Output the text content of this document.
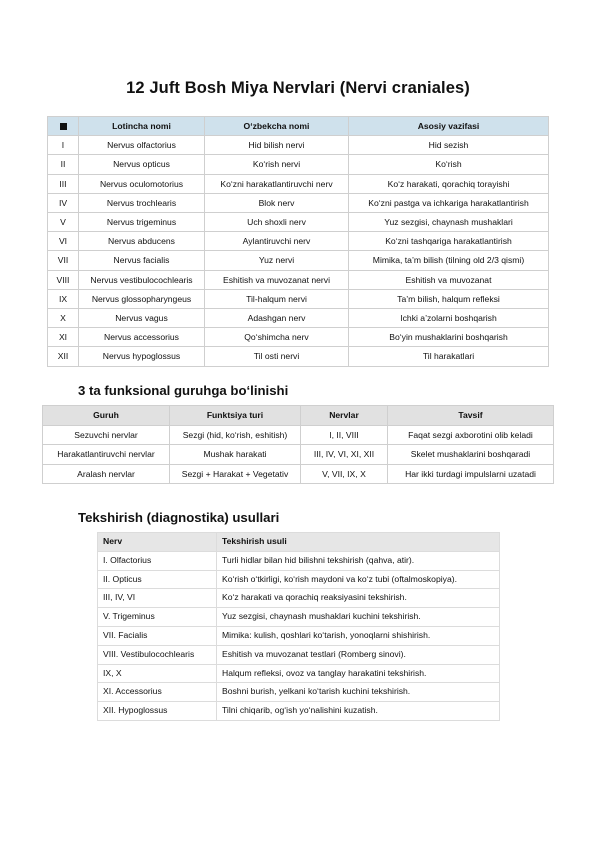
12 Juft Bosh Miya Nervlari (Nervi craniales)
	Lotincha nomi	O‘zbekcha nomi	Asosiy vazifasi
I	Nervus olfactorius	Hid bilish nervi	Hid sezish
II	Nervus opticus	Ko‘rish nervi	Ko‘rish
III	Nervus oculomotorius	Ko‘zni harakatlantiruvchi nerv	Ko‘z harakati, qorachiq torayishi
IV	Nervus trochlearis	Blok nerv	Ko‘zni pastga va ichkariga harakatlantirish
V	Nervus trigeminus	Uch shoxli nerv	Yuz sezgisi, chaynash mushaklari
VI	Nervus abducens	Aylantiruvchi nerv	Ko‘zni tashqariga harakatlantirish
VII	Nervus facialis	Yuz nervi	Mimika, ta’m bilish (tilning old 2/3 qismi)
VIII	Nervus vestibulocochlearis	Eshitish va muvozanat nervi	Eshitish va muvozanat
IX	Nervus glossopharyngeus	Til-halqum nervi	Ta’m bilish, halqum refleksi
X	Nervus vagus	Adashgan nerv	Ichki a’zolarni boshqarish
XI	Nervus accessorius	Qo‘shimcha nerv	Bo‘yin mushaklarini boshqarish
XII	Nervus hypoglossus	Til osti nervi	Til harakatlari
3 ta funksional guruhga bo‘linishi
Guruh	Funktsiya turi	Nervlar	Tavsif
Sezuvchi nervlar	Sezgi (hid, ko‘rish, eshitish)	I, II, VIII	Faqat sezgi axborotini olib keladi
Harakatlantiruvchi nervlar	Mushak harakati	III, IV, VI, XI, XII	Skelet mushaklarini boshqaradi
Aralash nervlar	Sezgi + Harakat + Vegetativ	V, VII, IX, X	Har ikki turdagi impulslarni uzatadi
Tekshirish (diagnostika) usullari
Nerv	Tekshirish usuli
I. Olfactorius	Turli hidlar bilan hid bilishni tekshirish (qahva, atir).
II. Opticus	Ko‘rish o‘tkirligi, ko‘rish maydoni va ko‘z tubi (oftalmoskopiya).
III, IV, VI	Ko‘z harakati va qorachiq reaksiyasini tekshirish.
V. Trigeminus	Yuz sezgisi, chaynash mushaklari kuchini tekshirish.
VII. Facialis	Mimika: kulish, qoshlari ko‘tarish, yonoqlarni shishirish.
VIII. Vestibulocochlearis	Eshitish va muvozanat testlari (Romberg sinovi).
IX, X	Halqum refleksi, ovoz va tanglay harakatini tekshirish.
XI. Accessorius	Boshni burish, yelkani ko‘tarish kuchini tekshirish.
XII. Hypoglossus	Tilni chiqarib, og‘ish yo‘nalishini kuzatish.
